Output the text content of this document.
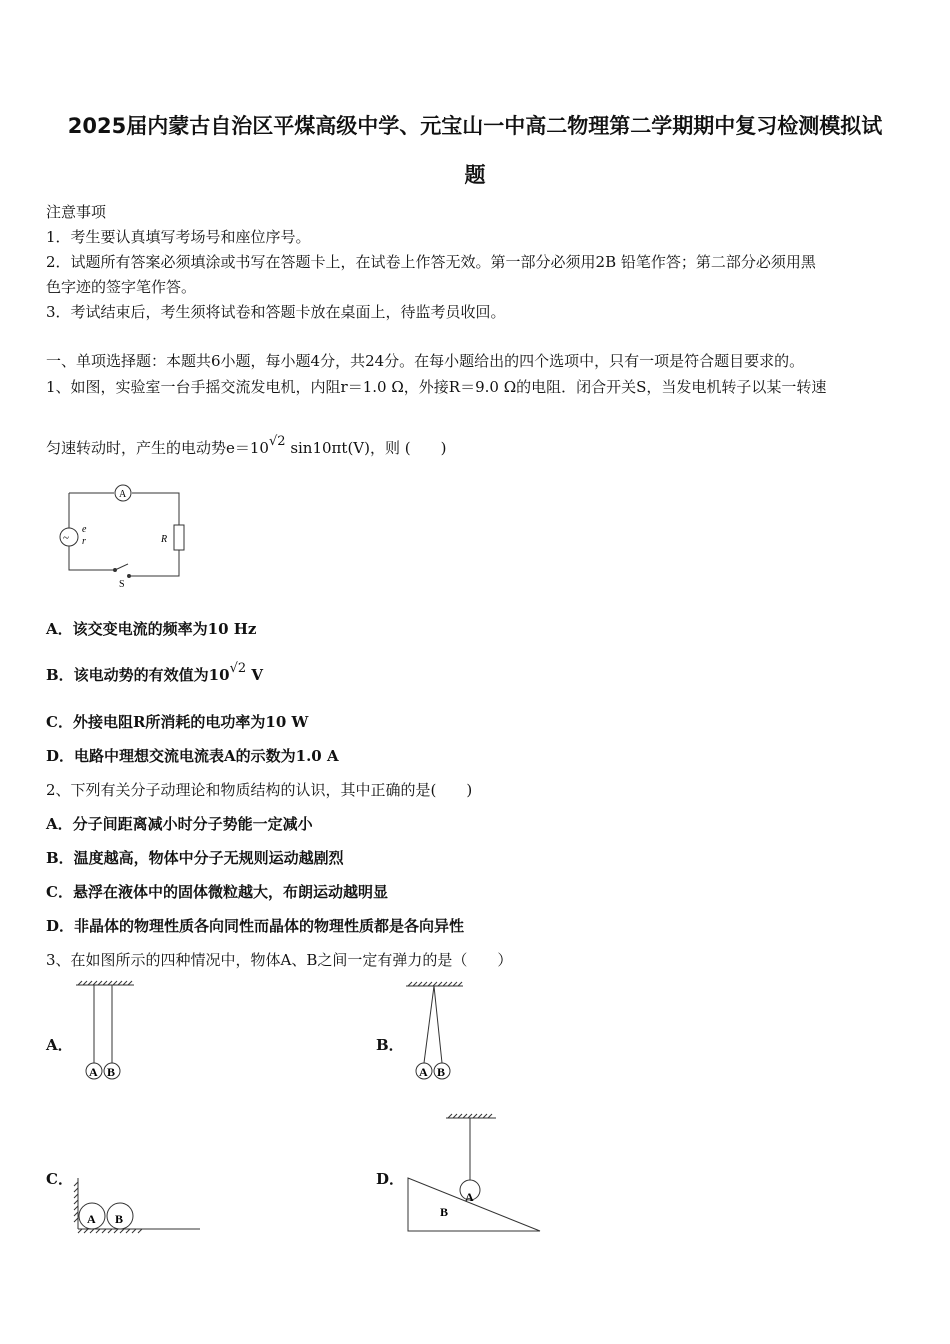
2025届内蒙古自治区平煤高级中学、元宝山一中高二物理第二学期期中复习检测模拟试
题
注意事项
1．考生要认真填写考场号和座位序号。
2．试题所有答案必须填涂或书写在答题卡上，在试卷上作答无效。第一部分必须用2B 铅笔作答；第二部分必须用黑
色字迹的签字笔作答。
3．考试结束后，考生须将试卷和答题卡放在桌面上，待监考员收回。
一、单项选择题：本题共6小题，每小题4分，共24分。在每小题给出的四个选项中，只有一项是符合题目要求的。
1、如图，实验室一台手摇交流发电机，内阻r＝1.0 Ω，外接R＝9.0 Ω的电阻．闭合开关S，当发电机转子以某一转速
匀速转动时，产生的电动势e＝10√2 sin10πt(V)，则 (　　)
A
~
e
r	R
S
A．该交变电流的频率为10 Hz
B．该电动势的有效值为10√2 V
C．外接电阻R所消耗的电功率为10 W
D．电路中理想交流电流表A的示数为1.0 A
2、下列有关分子动理论和物质结构的认识，其中正确的是(　　)
A．分子间距离减小时分子势能一定减小
B．温度越高，物体中分子无规则运动越剧烈
C．悬浮在液体中的固体微粒越大，布朗运动越明显
D．非晶体的物理性质各向同性而晶体的物理性质都是各向异性
3、在如图所示的四种情况中，物体A、B之间一定有弹力的是（　　）
A．	B．
C．	D．
A B	A B
A B
A
B
